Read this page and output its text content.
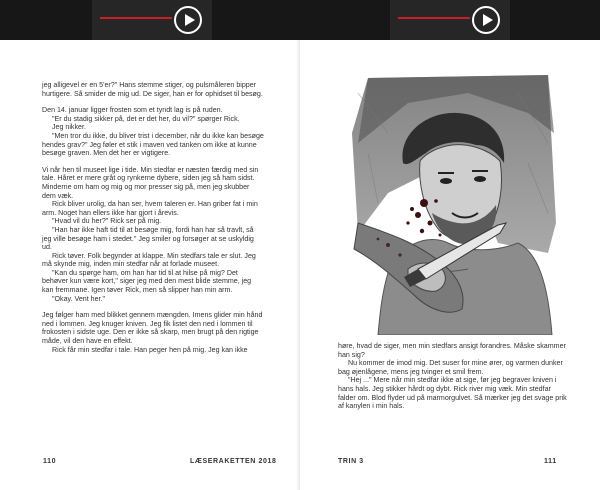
jeg alligevel er en 5'er?" Hans stemme stiger, og pulsmåleren bipper hurtigere. Så smider de mig ud. De siger, han er for ophidset til besøg.

Den 14. januar ligger frosten som et tyndt lag is på ruden.

"Er du stadig sikker på, det er det her, du vil?" spørger Rick.

Jeg nikker.

"Men tror du ikke, du bliver trist i december, når du ikke kan besøge hendes grav?" Jeg føler et stik i maven ved tanken om ikke at kunne besøge graven. Men det her er vigtigere.

Vi når hen til museet lige i tide. Min stedfar er næsten færdig med sin tale. Håret er mere gråt og rynkerne dybere, siden jeg så ham sidst. Minderne om ham og mig og mor presser sig på, men jeg skubber dem væk.

Rick bliver urolig, da han ser, hvem taleren er. Han griber fat i min arm. Noget han ellers ikke har gjort i årevis.

"Hvad vil du her?" Rick ser på mig.

"Han har ikke haft tid til at besøge mig, fordi han har så travlt, så jeg ville besøge ham i stedet." Jeg smiler og forsøger at se uskyldig ud.

Rick tøver. Folk begynder at klappe. Min stedfars tale er slut. Jeg må skynde mig, inden min stedfar når at forlade museet.

"Kan du spørge ham, om han har tid til at hilse på mig? Det behøver kun være kort," siger jeg med den mest blide stemme, jeg kan fremmane. Igen tøver Rick, men så slipper han min arm.

"Okay. Vent her."

Jeg følger ham med blikket gennem mængden. Imens glider min hånd ned i lommen. Jeg knuger kniven. Jeg fik listet den ned i lommen til frokosten i sidste uge. Den er ikke så skarp, men brugt på den rigtige måde, vil den have en effekt.

Rick får min stedfar i tale. Han peger hen på mig. Jeg kan ikke

110	LÆSERAKETTEN 2018

høre, hvad de siger, men min stedfars ansigt forandres. Måske skammer han sig?

Nu kommer de imod mig. Det suser for mine ører, og varmen dunker bag øjenlågene, mens jeg tvinger et smil frem.

"Hej ..." Mere når min stedfar ikke at sige, før jeg begraver kniven i hans hals. Jeg stikker hårdt og dybt. Rick river mig væk. Min stedfar falder om. Blod flyder ud på marmorgulvet. Så mærker jeg det svage prik af kanylen i min hals.

TRIN 3	111
